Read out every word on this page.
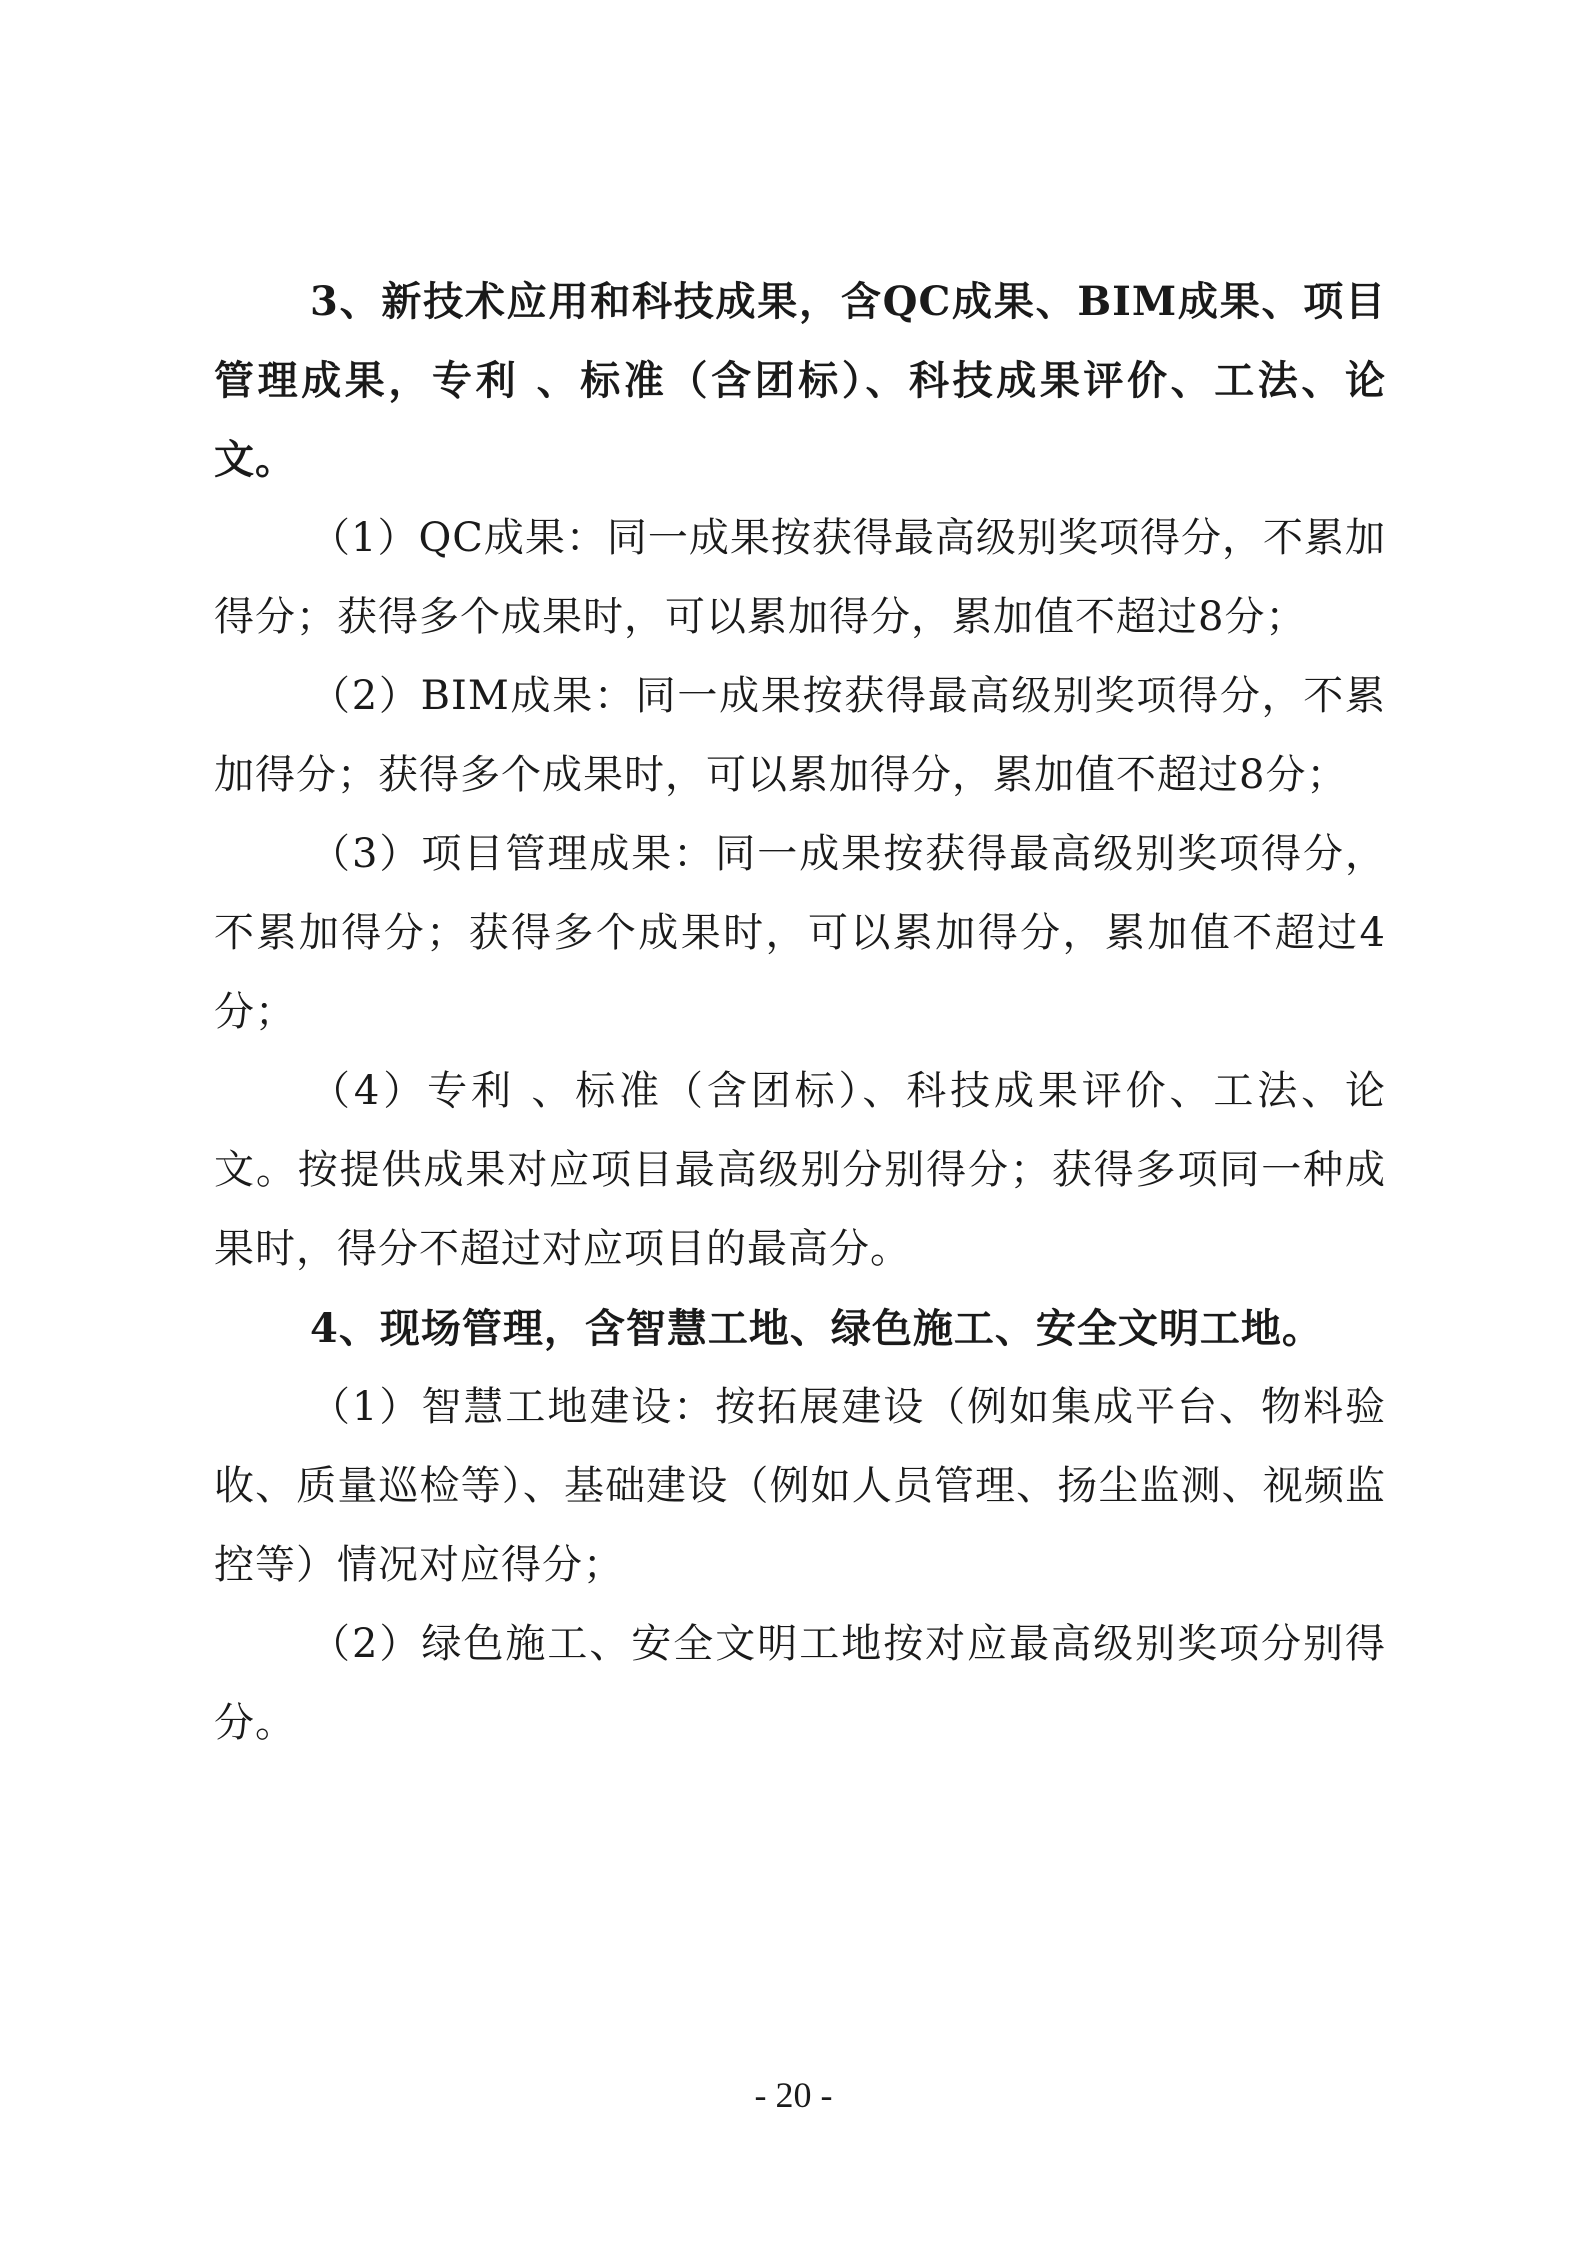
3、新技术应用和科技成果，含QC成果、BIM成果、项目管理成果，专利 、标准（含团标）、科技成果评价、工法、论文。

（1）QC成果：同一成果按获得最高级别奖项得分，不累加得分；获得多个成果时，可以累加得分，累加值不超过8分；

（2）BIM成果：同一成果按获得最高级别奖项得分，不累加得分；获得多个成果时，可以累加得分，累加值不超过8分；

（3）项目管理成果：同一成果按获得最高级别奖项得分，不累加得分；获得多个成果时，可以累加得分，累加值不超过4分；

（4）专利 、标准（含团标）、科技成果评价、工法、论文。按提供成果对应项目最高级别分别得分；获得多项同一种成果时，得分不超过对应项目的最高分。

4、现场管理，含智慧工地、绿色施工、安全文明工地。

（1）智慧工地建设：按拓展建设（例如集成平台、物料验收、质量巡检等）、基础建设（例如人员管理、扬尘监测、视频监控等）情况对应得分；

（2）绿色施工、安全文明工地按对应最高级别奖项分别得分。

- 20 -
